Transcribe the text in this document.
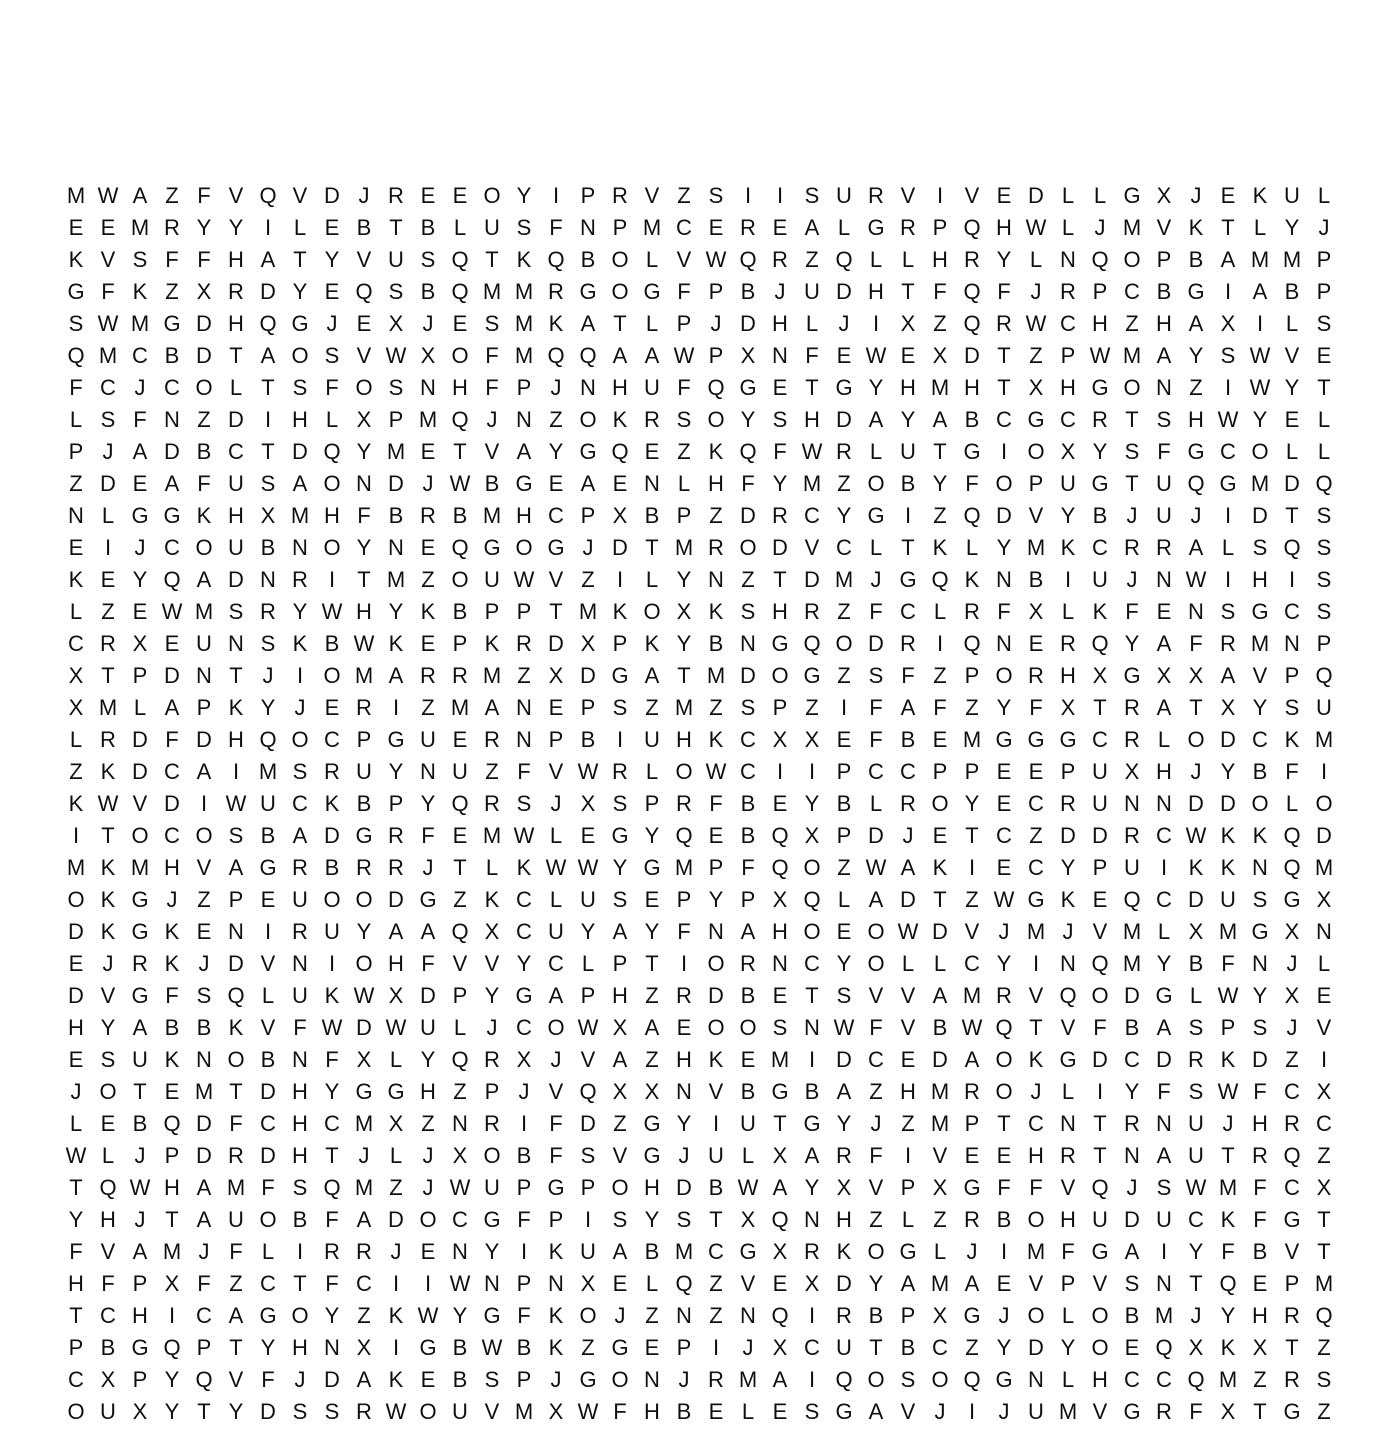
M W A Z F V Q V D J R E E O Y I P R V Z S I	I S U R V I V E D L L G X J E K U L
E E M R Y Y I	L E B T B L U S F N P M C E R E A L G R P Q H W L J M V K T L Y J
K V S F F H A T Y V U S Q T K Q B O L V W Q R Z Q L L H R Y L N Q O P B A M M P
G F K Z X R D Y E Q S B Q M M R G O G F P B J U D H T F Q F J R P C B G I A B P
S W M G D H Q G J E X J E S M K A T L P J D H L J	I X Z Q R W C H Z H A X I	L S
Q M C B D T A O S V W X O F M Q Q A A W P X N F E W E X D T Z P W M A Y S W V E
F C J C O L T S F O S N H F P J N H U F Q G E T G Y H M H T X H G O N Z	I W Y T
L S F N Z D I H L X P M Q J N Z O K R S O Y S H D A Y A B C G C R T S H W Y E L
P J A D B C T D Q Y M E T V A Y G Q E Z K Q F W R L U T G I O X Y S F G C O L L
Z D E A F U S A O N D J W B G E A E N L H F Y M Z O B Y F O P U G T U Q G M D Q
N L G G K H X M H F B R B M H C P X B P Z D R C Y G I	Z Q D V Y B J U J	I D T S
E I	J C O U B N O Y N E Q G O G J D T M R O D V C L T K L Y M K C R R A L S Q S
K E Y Q A D N R I	T M Z O U W V Z	I	L Y N Z T D M J G Q K N B I U J N W I H I S
L Z E W M S R Y W H Y K B P P T M K O X K S H R Z F C L R F X L K F E N S G C S
C R X E U N S K B W K E P K R D X P K Y B N G Q O D R I Q N E R Q Y A F R M N P
X T P D N T J	I O M A R R M Z X D G A T M D O G Z S F Z P O R H X G X X A V P Q
X M L A P K Y J E R I	Z M A N E P S Z M Z S P Z	I	F A F Z Y F X T R A T X Y S U
L R D F D H Q O C P G U E R N P B I U H K C X X E F B E M G G G C R L O D C K M
Z K D C A I M S R U Y N U Z F V W R L O W C I	I P C C P P E E P U X H J Y B F	I
K W V D I W U C K B P Y Q R S J X S P R F B E Y B L R O Y E C R U N N D D O L O
I	T O C O S B A D G R F E M W L E G Y Q E B Q X P D J E T C Z D D R C W K K Q D
M K M H V A G R B R R J T L K W W Y G M P F Q O Z W A K I E C Y P U I K K N Q M
O K G J Z P E U O O D G Z K C L U S E P Y P X Q L A D T Z W G K E Q C D U S G X
D K G K E N I R U Y A A Q X C U Y A Y F N A H O E O W D V J M J V M L X M G X N
E J R K J D V N I O H F V V Y C L P T	I O R N C Y O L L C Y I N Q M Y B F N J L
D V G F S Q L U K W X D P Y G A P H Z R D B E T S V V A M R V Q O D G L W Y X E
H Y A B B K V F W D W U L J C O W X A E O O S N W F V B W Q T V F B A S P S J V
E S U K N O B N F X L Y Q R X J V A Z H K E M I D C E D A O K G D C D R K D Z	I
J O T E M T D H Y G G H Z P J V Q X X N V B G B A Z H M R O J L	I Y F S W F C X
L E B Q D F C H C M X Z N R I	F D Z G Y I U T G Y J Z M P T C N T R N U J H R C
W L J P D R D H T J L J X O B F S V G J U L X A R F	I V E E H R T N A U T R Q Z
T Q W H A M F S Q M Z J W U P G P O H D B W A Y X V P X G F F V Q J S W M F C X
Y H J T A U O B F A D O C G F P I S Y S T X Q N H Z L Z R B O H U D U C K F G T
F V A M J F L	I R R J E N Y I K U A B M C G X R K O G L J	I M F G A I Y F B V T
H F P X F Z C T F C I	I W N P N X E L Q Z V E X D Y A M A E V P V S N T Q E P M
T C H I C A G O Y Z K W Y G F K O J Z N Z N Q I R B P X G J O L O B M J Y H R Q
P B G Q P T Y H N X I G B W B K Z G E P I	J X C U T B C Z Y D Y O E Q X K X T Z
C X P Y Q V F J D A K E B S P J G O N J R M A I Q O S O Q G N L H C C Q M Z R S
O U X Y T Y D S S R W O U V M X W F H B E L E S G A V J	I	J U M V G R F X T G Z
